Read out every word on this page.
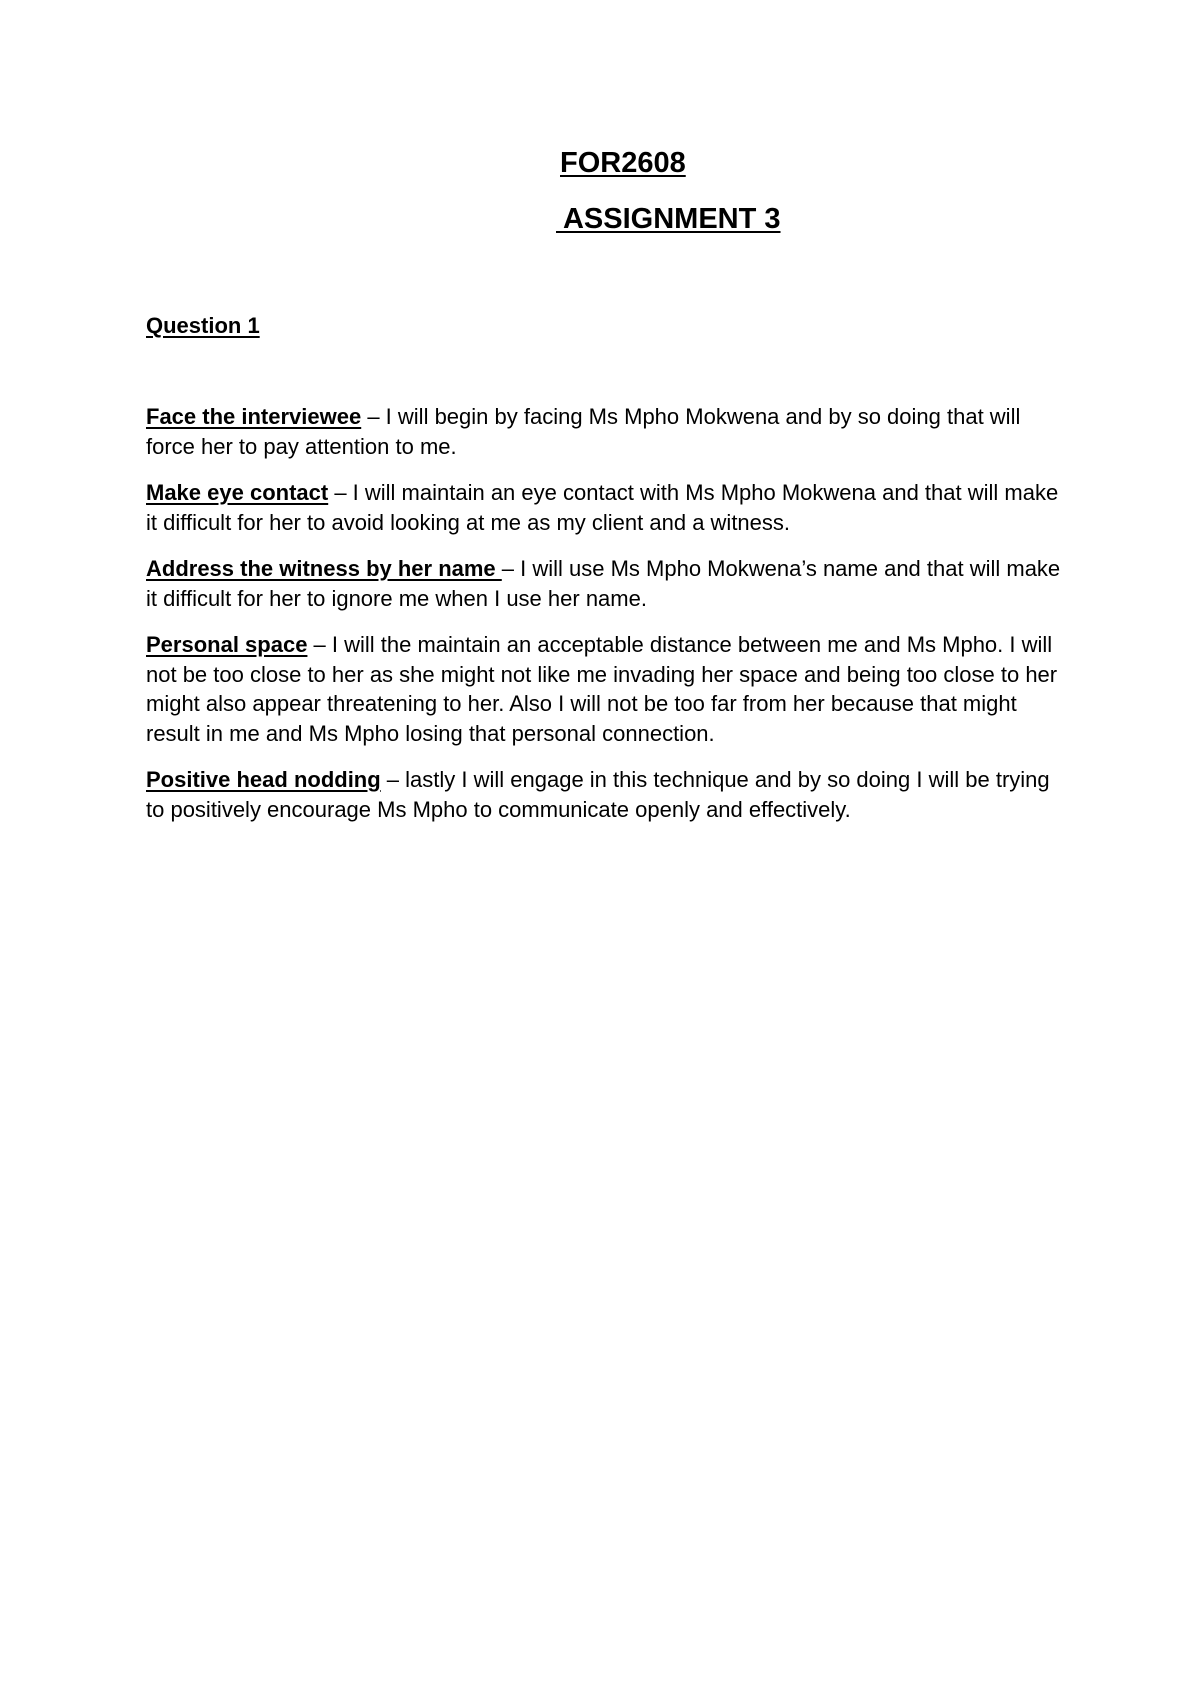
FOR2608
ASSIGNMENT 3
Question 1

Face the interviewee – I will begin by facing Ms Mpho Mokwena and by so doing that will force her to pay attention to me.

Make eye contact – I will maintain an eye contact with Ms Mpho Mokwena and that will make it difficult for her to avoid looking at me as my client and a witness.

Address the witness by her name – I will use Ms Mpho Mokwena’s name and that will make it difficult for her to ignore me when I use her name.

Personal space – I will the maintain an acceptable distance between me and Ms Mpho. I will not be too close to her as she might not like me invading her space and being too close to her might also appear threatening to her. Also I will not be too far from her because that might result in me and Ms Mpho losing that personal connection.

Positive head nodding – lastly I will engage in this technique and by so doing I will be trying to positively encourage Ms Mpho to communicate openly and effectively.
